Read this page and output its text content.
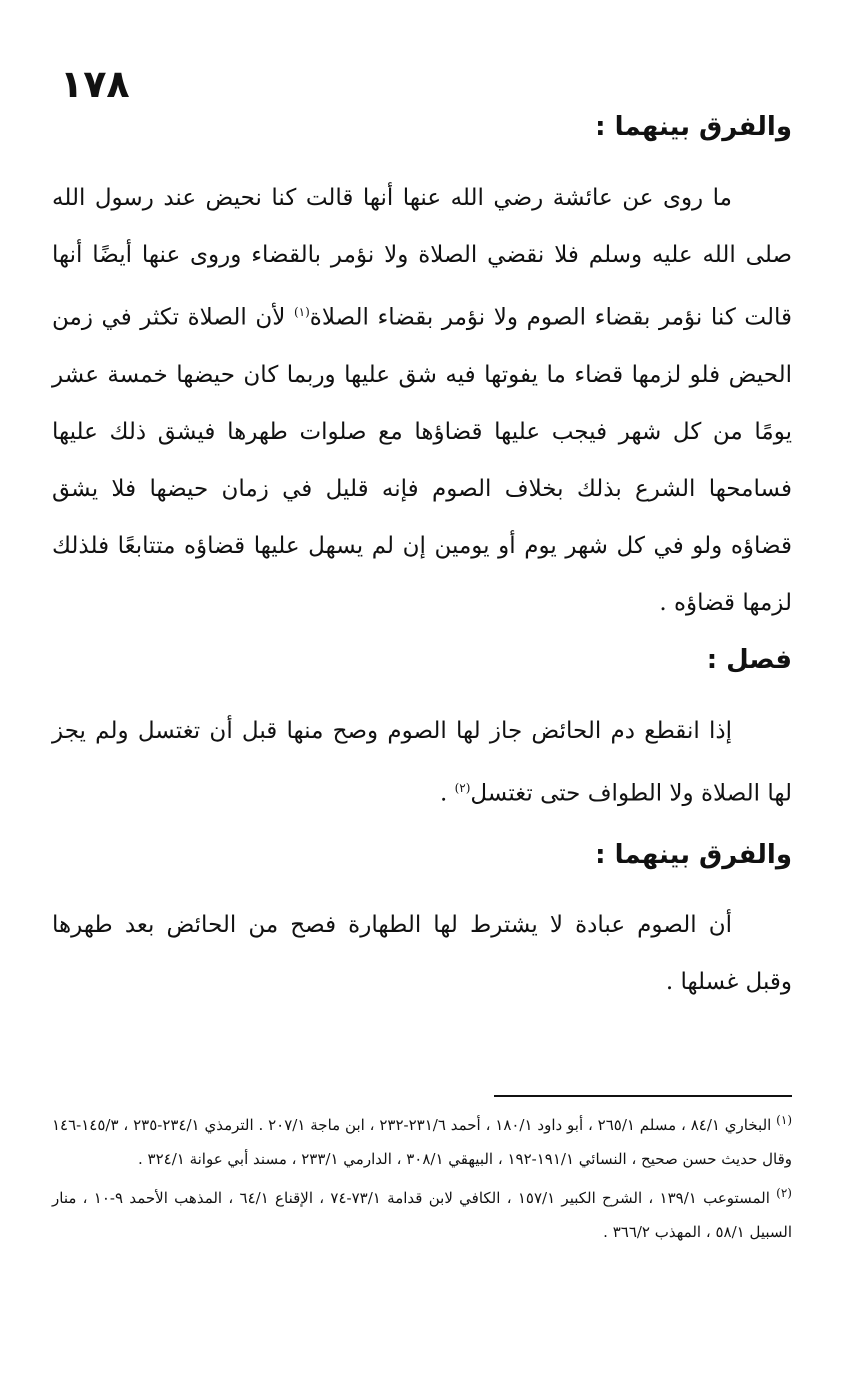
١٧٨
والفرق بينهما :

ما روى عن عائشة رضي الله عنها أنها قالت كنا نحيض عند رسول الله صلى الله عليه وسلم فلا نقضي الصلاة ولا نؤمر بالقضاء وروى عنها أيضًا أنها قالت كنا نؤمر بقضاء الصوم ولا نؤمر بقضاء الصلاة$^{(١)}$ لأن الصلاة تكثر في زمن الحيض فلو لزمها قضاء ما يفوتها فيه شق عليها وربما كان حيضها خمسة عشر يومًا من كل شهر فيجب عليها قضاؤها مع صلوات طهرها فيشق ذلك عليها فسامحها الشرع بذلك بخلاف الصوم فإنه قليل في زمان حيضها فلا يشق قضاؤه ولو في كل شهر يوم أو يومين إن لم يسهل عليها قضاؤه متتابعًا فلذلك لزمها قضاؤه .

فصل :

إذا انقطع دم الحائض جاز لها الصوم وصح منها قبل أن تغتسل ولم يجز لها الصلاة ولا الطواف حتى تغتسل$^{(٢)}$ .

والفرق بينهما :

أن الصوم عبادة لا يشترط لها الطهارة فصح من الحائض بعد طهرها وقبل غسلها .

$^{(١)}$ البخاري ٨٤/١ ، مسلم ٢٦٥/١ ، أبو داود ١٨٠/١ ، أحمد ٢٣١/٦-٢٣٢ ، ابن ماجة ٢٠٧/١ . الترمذي ٢٣٤/١-٢٣٥ ، ١٤٥/٣-١٤٦ وقال حديث حسن صحيح ، النسائي ١٩١/١-١٩٢ ، البيهقي ٣٠٨/١ ، الدارمي ٢٣٣/١ ، مسند أبي عوانة ٣٢٤/١ .

$^{(٢)}$ المستوعب ١٣٩/١ ، الشرح الكبير ١٥٧/١ ، الكافي لابن قدامة ٧٣/١-٧٤ ، الإقناع ٦٤/١ ، المذهب الأحمد ٩-١٠ ، منار السبيل ٥٨/١ ، المهذب ٣٦٦/٢ .
